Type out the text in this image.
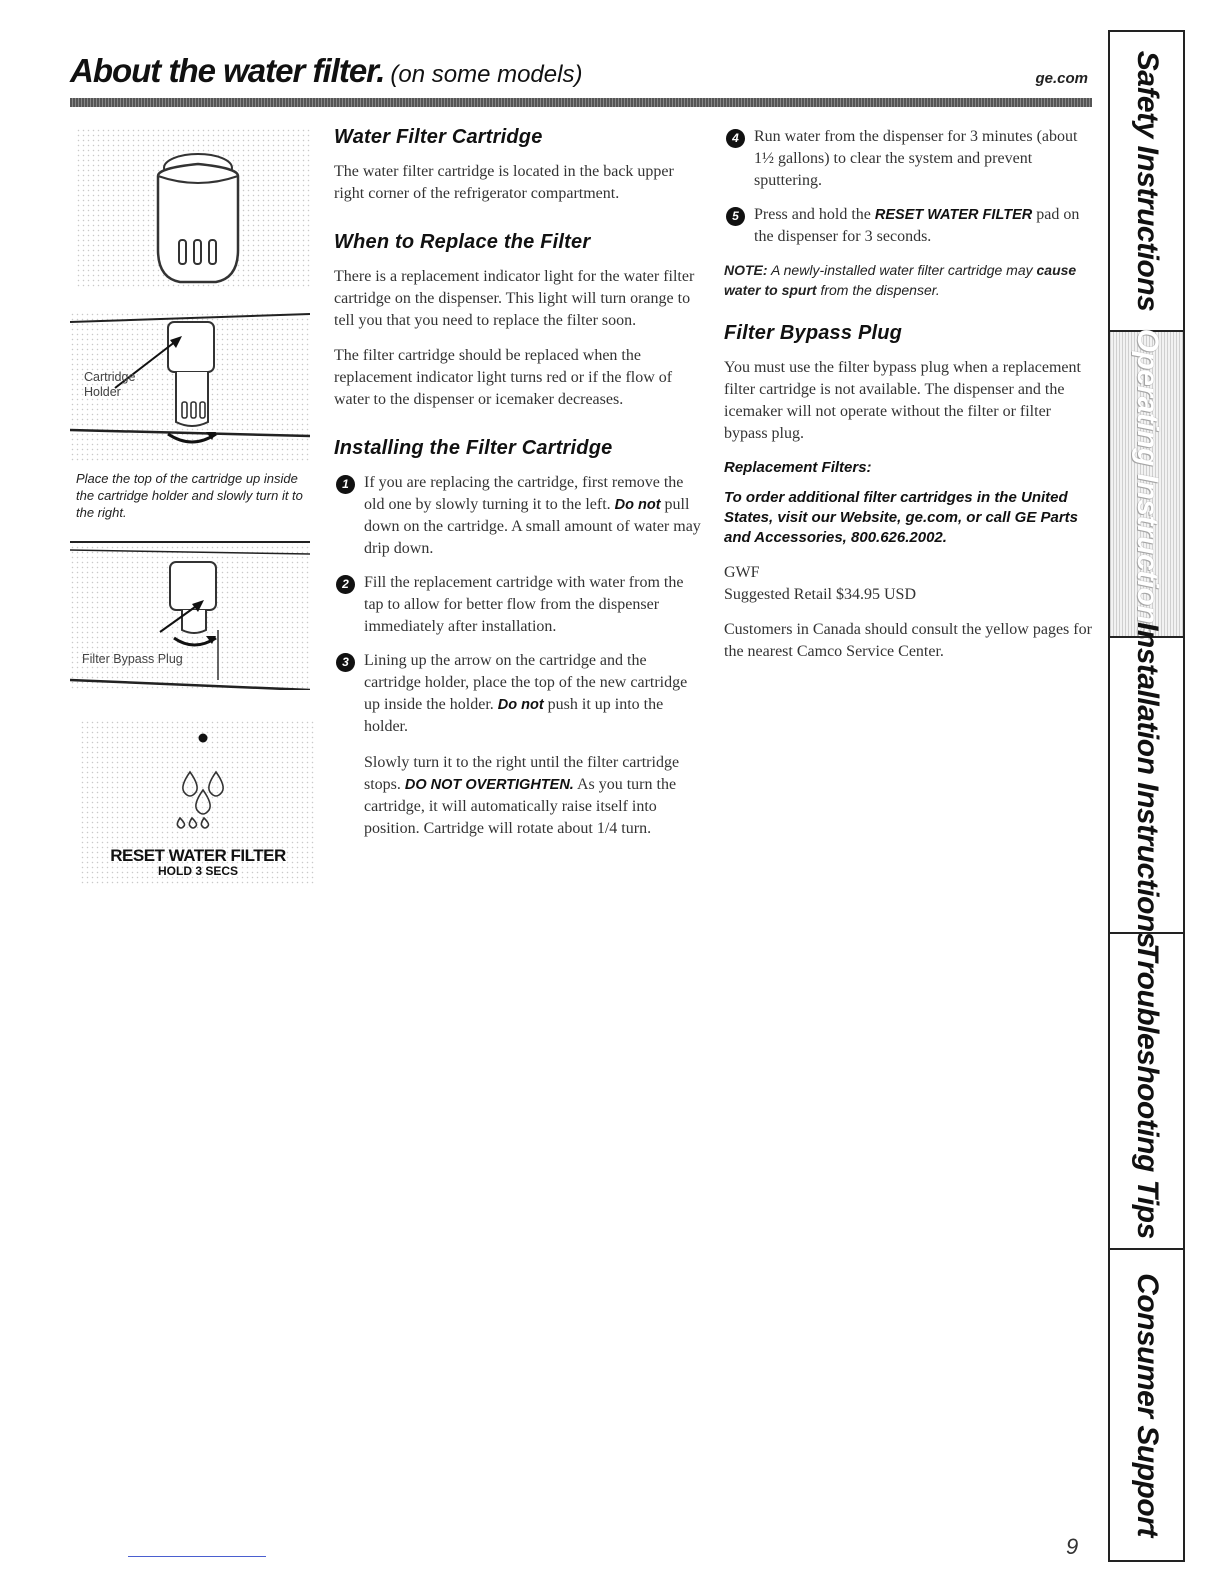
About the water filter. (on some models)	ge.com
Cartridge Holder
Place the top of the cartridge up inside the cartridge holder and slowly turn it to the right.
Filter Bypass Plug
RESET WATER FILTER
HOLD 3 SECS
Water Filter Cartridge

The water filter cartridge is located in the back upper right corner of the refrigerator compartment.

When to Replace the Filter

There is a replacement indicator light for the water filter cartridge on the dispenser. This light will turn orange to tell you that you need to replace the filter soon.

The filter cartridge should be replaced when the replacement indicator light turns red or if the flow of water to the dispenser or icemaker decreases.

Installing the Filter Cartridge
1 If you are replacing the cartridge, first remove the old one by slowly turning it to the left. Do not pull down on the cartridge. A small amount of water may drip down.

2 Fill the replacement cartridge with water from the tap to allow for better flow from the dispenser immediately after installation.

3 Lining up the arrow on the cartridge and the cartridge holder, place the top of the new cartridge up inside the holder. Do not push it up into the holder.

Slowly turn it to the right until the filter cartridge stops. DO NOT OVERTIGHTEN. As you turn the cartridge, it will automatically raise itself into position. Cartridge will rotate about 1/4 turn.

4 Run water from the dispenser for 3 minutes (about 1½ gallons) to clear the system and prevent sputtering.

5 Press and hold the RESET WATER FILTER pad on the dispenser for 3 seconds.

NOTE: A newly-installed water filter cartridge may cause water to spurt from the dispenser.

Filter Bypass Plug

You must use the filter bypass plug when a replacement filter cartridge is not available. The dispenser and the icemaker will not operate without the filter or filter bypass plug.

Replacement Filters:

To order additional filter cartridges in the United States, visit our Website, ge.com, or call GE Parts and Accessories, 800.626.2002.

GWF
Suggested Retail $34.95 USD

Customers in Canada should consult the yellow pages for the nearest Camco Service Center.

Safety Instructions
Operating Instructions
Installation Instructions
Troubleshooting Tips
Consumer Support
9
